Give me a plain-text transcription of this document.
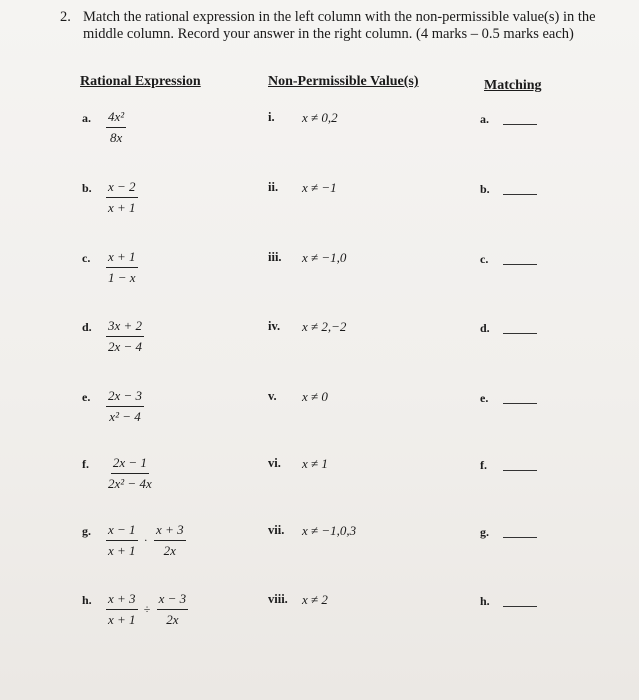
2. Match the rational expression in the left column with the non-permissible value(s) in the middle column. Record your answer in the right column. (4 marks – 0.5 marks each)
Rational Expression	Non-Permissible Value(s)	Matching
a. $\frac{\text{4x²}}{8x}$	i. x ≠ 0,2	a.
b. $\frac{x - 2}{x + 1}$	ii. x ≠ −1	b.
c. $\frac{x + 1}{1 - x}$	iii. x ≠ −1,0	c.
d. $\frac{3x + 2}{2x - 4}$	iv. x ≠ 2,−2	d.
e. $\frac{2x - 3}{\text{x² − 4}}$	v. x ≠ 0	e.
f. $\frac{2x - 1}{\text{2x² − 4x}}$	vi. x ≠ 1	f.
g. $\frac{x - 1}{x + 1} \cdot \frac{x + 3}{2x}$	vii. x ≠ −1,0,3	g.
h. $\frac{x + 3}{x + 1} \div \frac{x - 3}{2x}$	viii. x ≠ 2	h.
